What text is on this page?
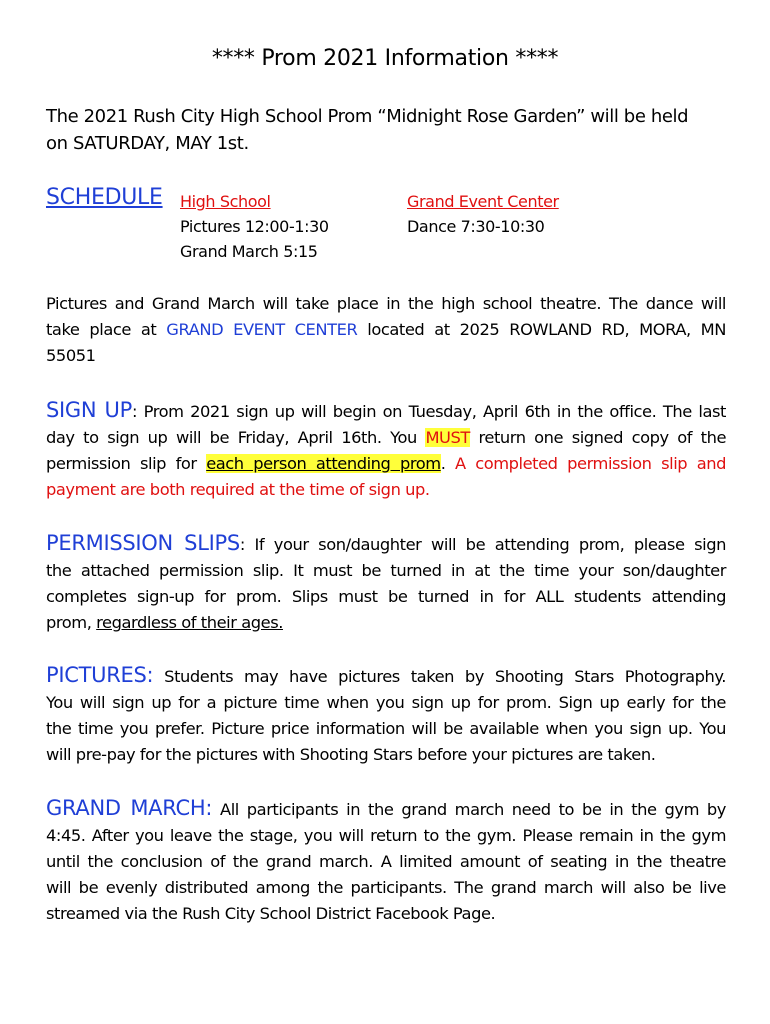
**** Prom 2021 Information ****
The 2021 Rush City High School Prom “Midnight Rose Garden” will be held
on SATURDAY, MAY 1st.
SCHEDULE High School
Pictures 12:00-1:30
Grand March 5:15
Grand Event Center
Dance 7:30-10:30
Pictures and Grand March will take place in the high school theatre. The dance will
take place at GRAND EVENT CENTER located at 2025 ROWLAND RD, MORA, MN
55051
SIGN UP: Prom 2021 sign up will begin on Tuesday, April 6th in the office. The last
day to sign up will be Friday, April 16th. You MUST return one signed copy of the
permission slip for each person attending prom. A completed permission slip and
payment are both required at the time of sign up.
PERMISSION SLIPS: If your son/daughter will be attending prom, please sign
the attached permission slip. It must be turned in at the time your son/daughter
completes sign-up for prom. Slips must be turned in for ALL students attending
prom, regardless of their ages.
PICTURES: Students may have pictures taken by Shooting Stars Photography.
You will sign up for a picture time when you sign up for prom. Sign up early for the
the time you prefer. Picture price information will be available when you sign up. You
will pre-pay for the pictures with Shooting Stars before your pictures are taken.
GRAND MARCH: All participants in the grand march need to be in the gym by
4:45. After you leave the stage, you will return to the gym. Please remain in the gym
until the conclusion of the grand march. A limited amount of seating in the theatre
will be evenly distributed among the participants. The grand march will also be live
streamed via the Rush City School District Facebook Page.
